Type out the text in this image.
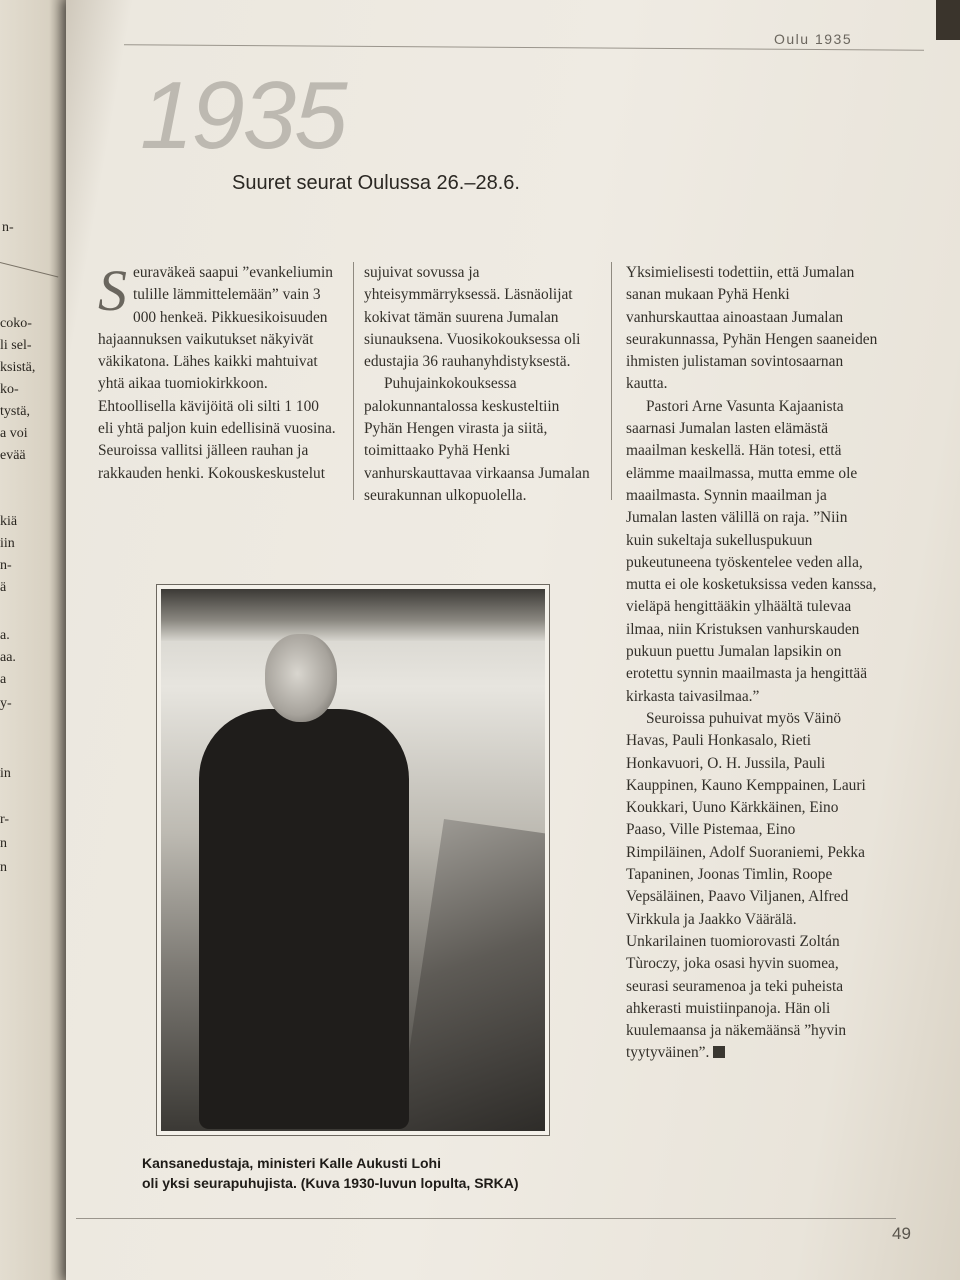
n-
coko-
li sel-
ksistä,
ko-
tystä,
a voi
evää
kiä
iin
n-
ä
a.
aa.
a
y-
in
r-
n
n
Oulu 1935
1935
Suuret seurat Oulussa 26.–28.6.

Seuraväkeä saapui ”evankeliumin tulille lämmittelemään” vain 3 000 henkeä. Pikkuesikoisuuden hajaannuksen vaikutukset näkyivät väkikatona. Lähes kaikki mahtuivat yhtä aikaa tuomiokirkkoon. Ehtoollisella kävijöitä oli silti 1 100 eli yhtä paljon kuin edellisinä vuosina. Seuroissa vallitsi jälleen rauhan ja rakkauden henki. Kokouskeskustelut

sujuivat sovussa ja yhteisymmärryksessä. Läsnäolijat kokivat tämän suurena Jumalan siunauksena. Vuosikokouksessa oli edustajia 36 rauhanyhdistyksestä.

Puhujainkokouksessa palokunnantalossa keskusteltiin Pyhän Hengen virasta ja siitä, toimittaako Pyhä Henki vanhurskauttavaa virkaansa Jumalan seurakunnan ulkopuolella.

Yksimielisesti todettiin, että Jumalan sanan mukaan Pyhä Henki vanhurskauttaa ainoastaan Jumalan seurakunnassa, Pyhän Hengen saaneiden ihmisten julistaman sovintosaarnan kautta.

Pastori Arne Vasunta Kajaanista saarnasi Jumalan lasten elämästä maailman keskellä. Hän totesi, että elämme maailmassa, mutta emme ole maailmasta. Synnin maailman ja Jumalan lasten välillä on raja. ”Niin kuin sukeltaja sukelluspukuun pukeutuneena työskentelee veden alla, mutta ei ole kosketuksissa veden kanssa, vieläpä hengittääkin ylhäältä tulevaa ilmaa, niin Kristuksen vanhurskauden pukuun puettu Jumalan lapsikin on erotettu synnin maailmasta ja hengittää kirkasta taivasilmaa.”

Seuroissa puhuivat myös Väinö Havas, Pauli Honkasalo, Rieti Honkavuori, O. H. Jussila, Pauli Kauppinen, Kauno Kemppainen, Lauri Koukkari, Uuno Kärkkäinen, Eino Paaso, Ville Pistemaa, Eino Rimpiläinen, Adolf Suoraniemi, Pekka Tapaninen, Joonas Timlin, Roope Vepsäläinen, Paavo Viljanen, Alfred Virkkula ja Jaakko Väärälä. Unkarilainen tuomiorovasti Zoltán Tùroczy, joka osasi hyvin suomea, seurasi seuramenoa ja teki puheista ahkerasti muistiinpanoja. Hän oli kuulemaansa ja näkemäänsä ”hyvin tyytyväinen”.

Kansanedustaja, ministeri Kalle Aukusti Lohi
oli yksi seurapuhujista. (Kuva 1930-luvun lopulta, SRKA)
49
